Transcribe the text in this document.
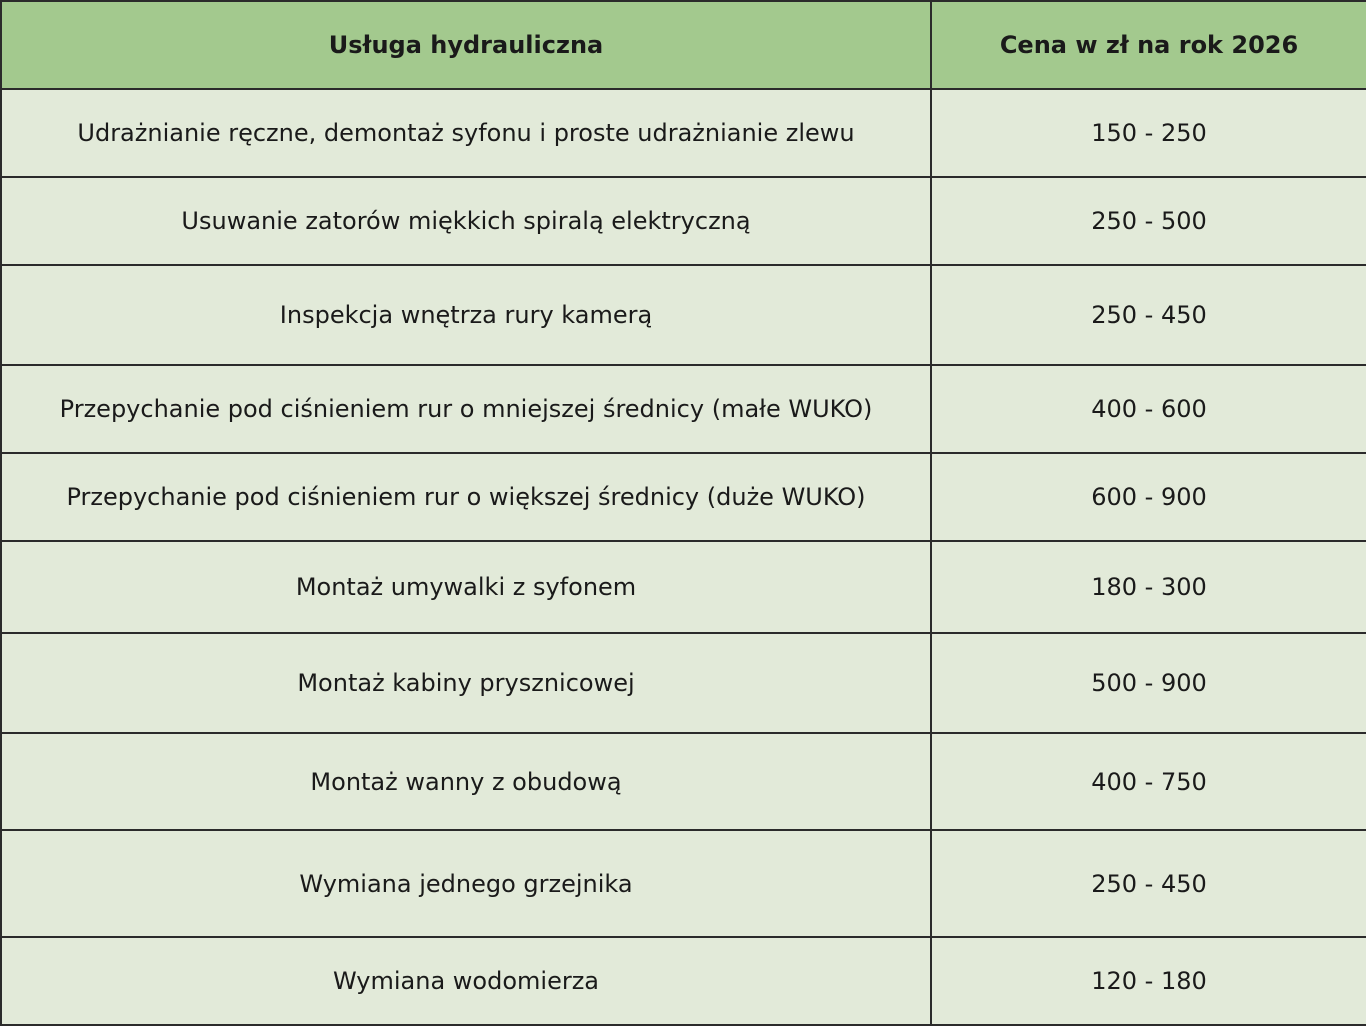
Usługa hydrauliczna	Cena w zł na rok 2026
Udrażnianie ręczne, demontaż syfonu i proste udrażnianie zlewu	150 - 250
Usuwanie zatorów miękkich spiralą elektryczną	250 - 500
Inspekcja wnętrza rury kamerą	250 - 450
Przepychanie pod ciśnieniem rur o mniejszej średnicy (małe WUKO)	400 - 600
Przepychanie pod ciśnieniem rur o większej średnicy (duże WUKO)	600 - 900
Montaż umywalki z syfonem	180 - 300
Montaż kabiny prysznicowej	500 - 900
Montaż wanny z obudową	400 - 750
Wymiana jednego grzejnika	250 - 450
Wymiana wodomierza	120 - 180
